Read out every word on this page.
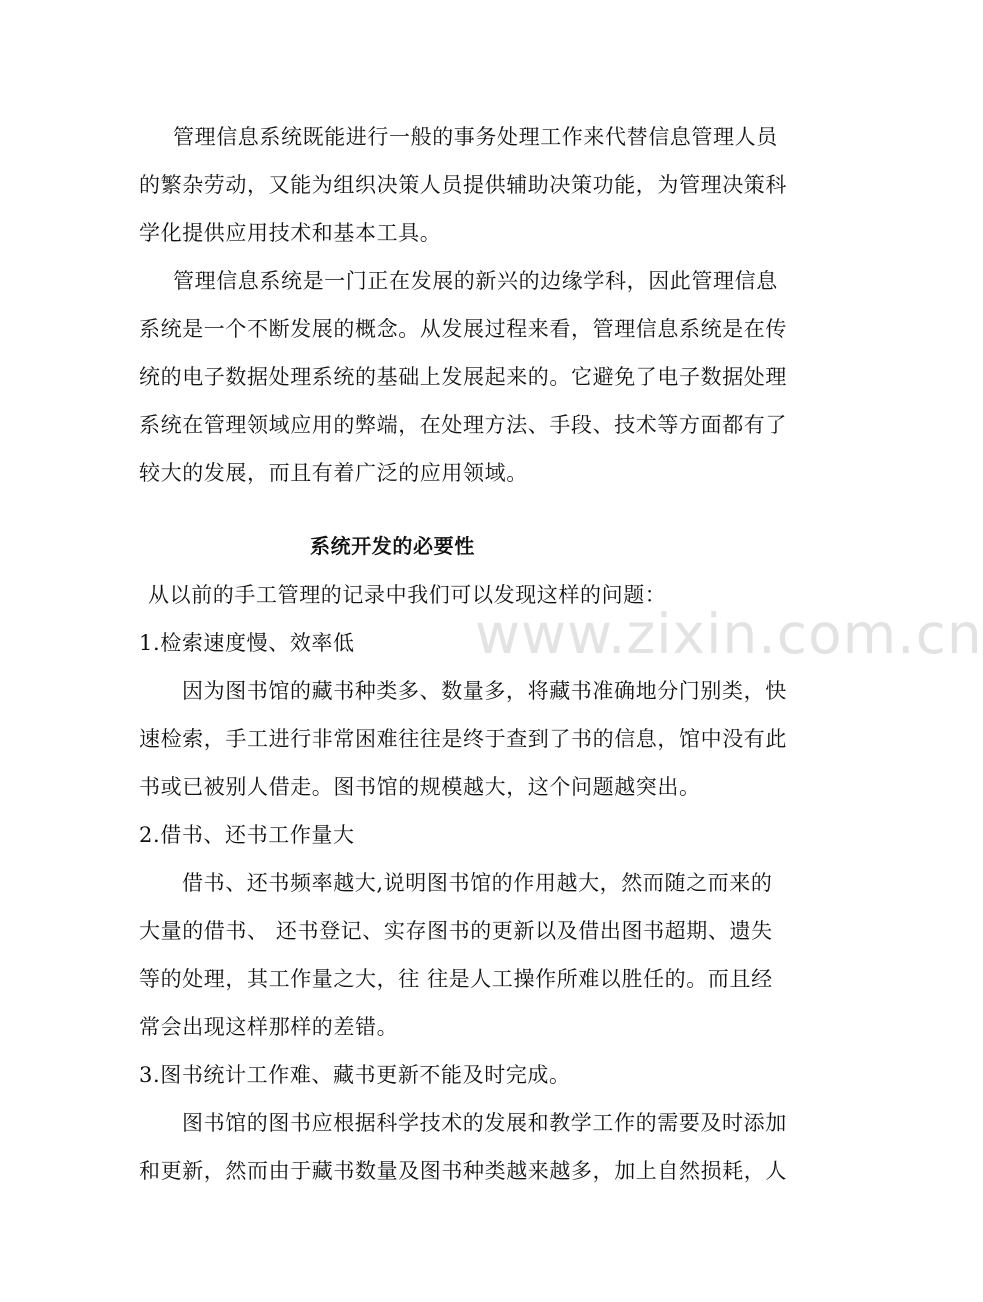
管理信息系统既能进行一般的事务处理工作来代替信息管理人员

的繁杂劳动，又能为组织决策人员提供辅助决策功能，为管理决策科

学化提供应用技术和基本工具。

管理信息系统是一门正在发展的新兴的边缘学科，因此管理信息

系统是一个不断发展的概念。从发展过程来看，管理信息系统是在传

统的电子数据处理系统的基础上发展起来的。它避免了电子数据处理

系统在管理领域应用的弊端，在处理方法、手段、技术等方面都有了

较大的发展，而且有着广泛的应用领域。

系统开发的必要性

从以前的手工管理的记录中我们可以发现这样的问题：

1.检索速度慢、效率低

因为图书馆的藏书种类多、数量多，将藏书准确地分门别类，快

速检索，手工进行非常困难往往是终于查到了书的信息，馆中没有此

书或已被别人借走。图书馆的规模越大，这个问题越突出。

2.借书、还书工作量大

借书、还书频率越大,说明图书馆的作用越大，然而随之而来的

大量的借书、 还书登记、实存图书的更新以及借出图书超期、遗失

等的处理，其工作量之大，往 往是人工操作所难以胜任的。而且经

常会出现这样那样的差错。

3.图书统计工作难、藏书更新不能及时完成。

图书馆的图书应根据科学技术的发展和教学工作的需要及时添加

和更新，然而由于藏书数量及图书种类越来越多，加上自然损耗，人

www.zixin.com.cn
